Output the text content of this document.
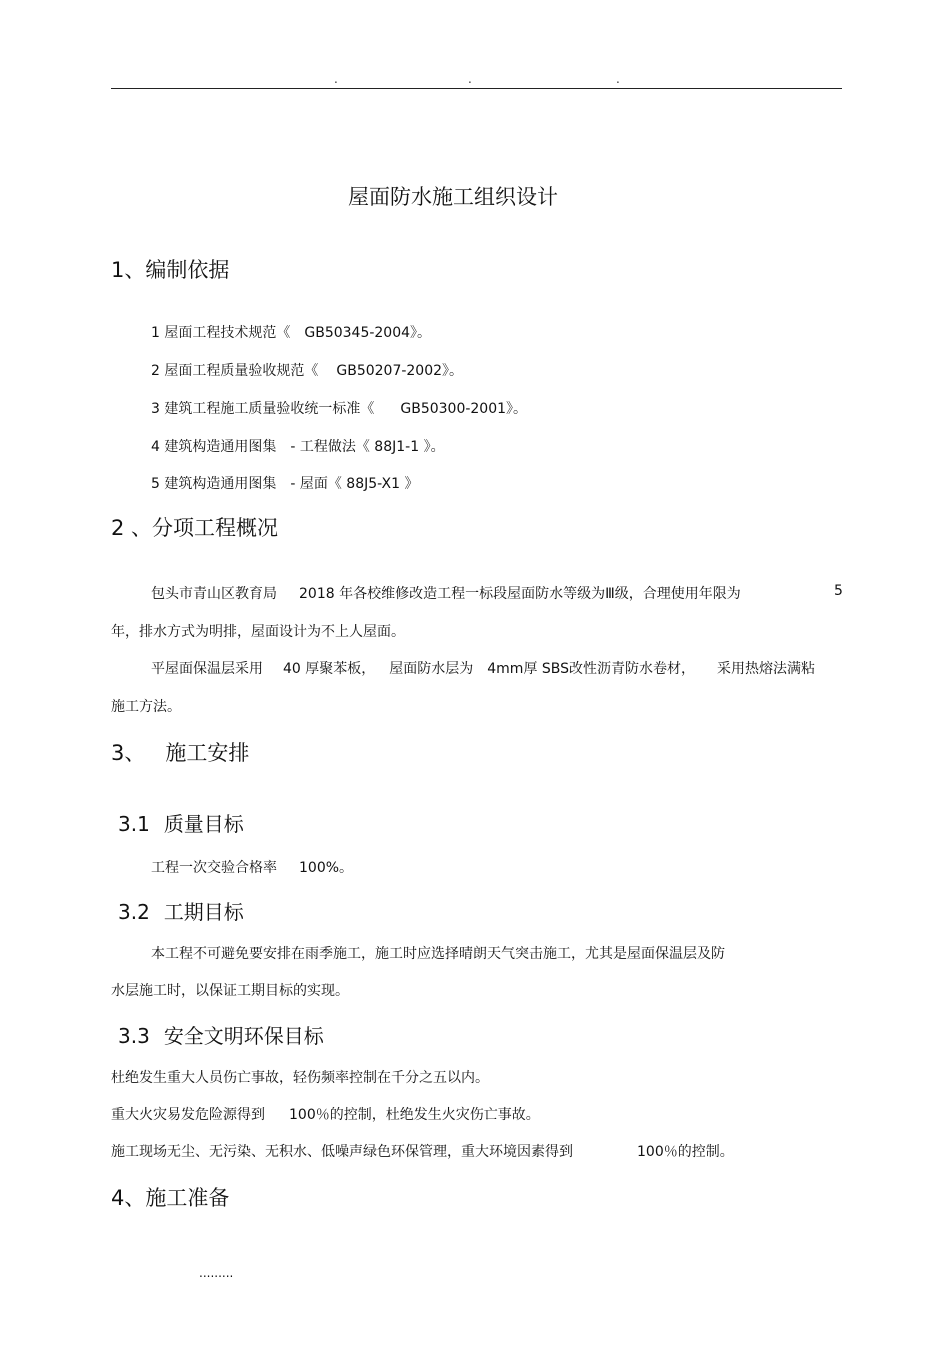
.	.	.
屋面防水施工组织设计
1、编制依据
1 屋面工程技术规范《 GB50345-2004》。
2 屋面工程质量验收规范《 GB50207-2002》。
3 建筑工程施工质量验收统一标准《 GB50300-2001》。
4 建筑构造通用图集 - 工程做法《 88J1-1 》。
5 建筑构造通用图集 - 屋面《 88J5-X1 》
2 、分项工程概况
包头市青山区教育局 2018 年各校维修改造工程一标段屋面防水等级为Ⅲ级，合理使用年限为	5
年，排水方式为明排，屋面设计为不上人屋面。
平屋面保温层采用 40 厚聚苯板， 屋面防水层为 4mm厚 SBS改性沥青防水卷材， 采用热熔法满粘
施工方法。
3、 施工安排
3.1 质量目标
工程一次交验合格率 100%。
3.2 工期目标
本工程不可避免要安排在雨季施工，施工时应选择晴朗天气突击施工，尤其是屋面保温层及防
水层施工时，以保证工期目标的实现。
3.3 安全文明环保目标
杜绝发生重大人员伤亡事故，轻伤频率控制在千分之五以内。
重大火灾易发危险源得到 100％的控制，杜绝发生火灾伤亡事故。
施工现场无尘、无污染、无积水、低噪声绿色环保管理，重大环境因素得到	100％的控制。
4、施工准备
.........
